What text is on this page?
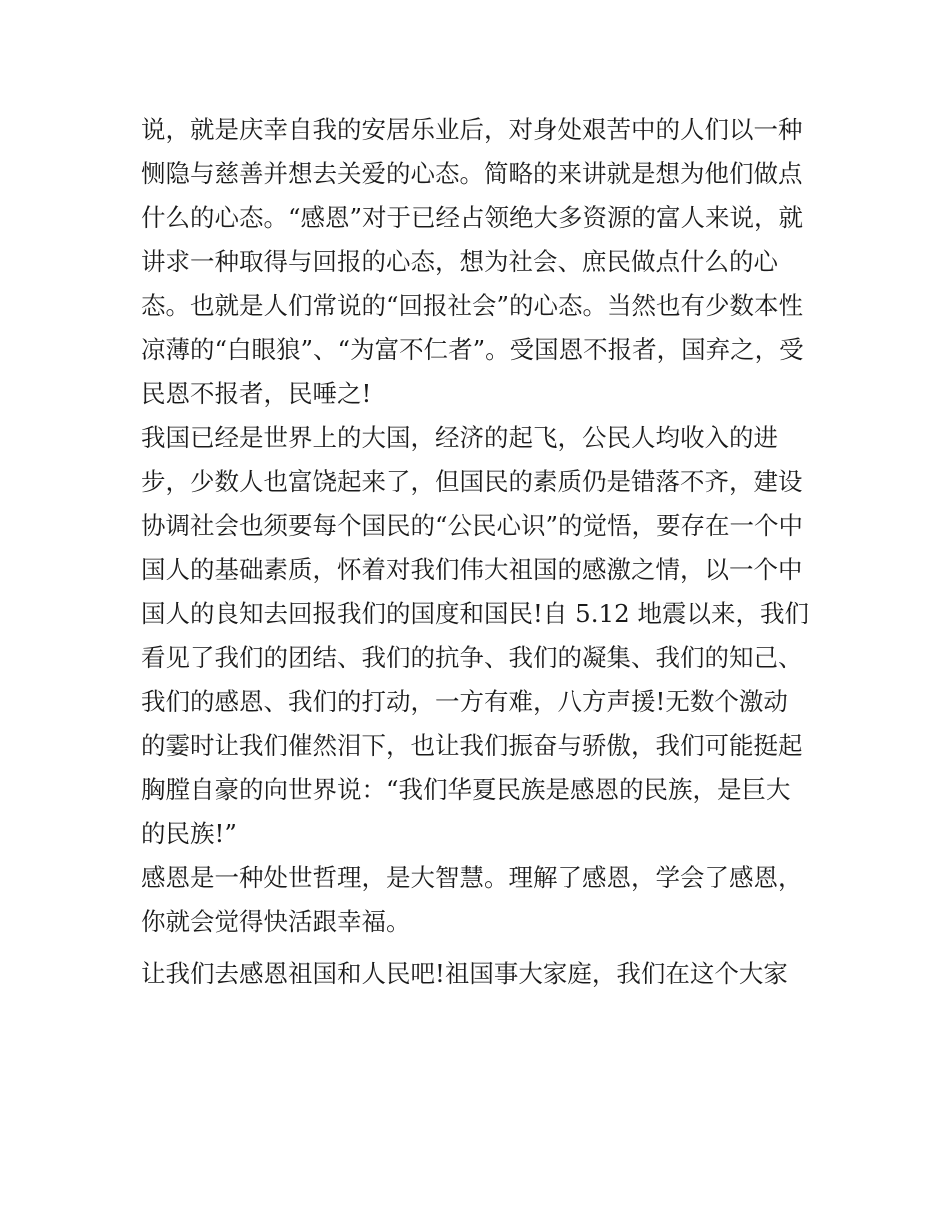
说，就是庆幸自我的安居乐业后，对身处艰苦中的人们以一种
恻隐与慈善并想去关爱的心态。简略的来讲就是想为他们做点
什么的心态。“感恩”对于已经占领绝大多资源的富人来说，就
讲求一种取得与回报的心态，想为社会、庶民做点什么的心
态。也就是人们常说的“回报社会”的心态。当然也有少数本性
凉薄的“白眼狼”、“为富不仁者”。受国恩不报者，国弃之，受
民恩不报者，民唾之!
我国已经是世界上的大国，经济的起飞，公民人均收入的进
步，少数人也富饶起来了，但国民的素质仍是错落不齐，建设
协调社会也须要每个国民的“公民心识”的觉悟，要存在一个中
国人的基础素质，怀着对我们伟大祖国的感激之情，以一个中
国人的良知去回报我们的国度和国民!自 5.12 地震以来，我们
看见了我们的团结、我们的抗争、我们的凝集、我们的知己、
我们的感恩、我们的打动，一方有难，八方声援!无数个激动
的霎时让我们催然泪下，也让我们振奋与骄傲，我们可能挺起
胸膛自豪的向世界说：“我们华夏民族是感恩的民族，是巨大
的民族!”
感恩是一种处世哲理，是大智慧。理解了感恩，学会了感恩，
你就会觉得快活跟幸福。
让我们去感恩祖国和人民吧!祖国事大家庭，我们在这个大家
